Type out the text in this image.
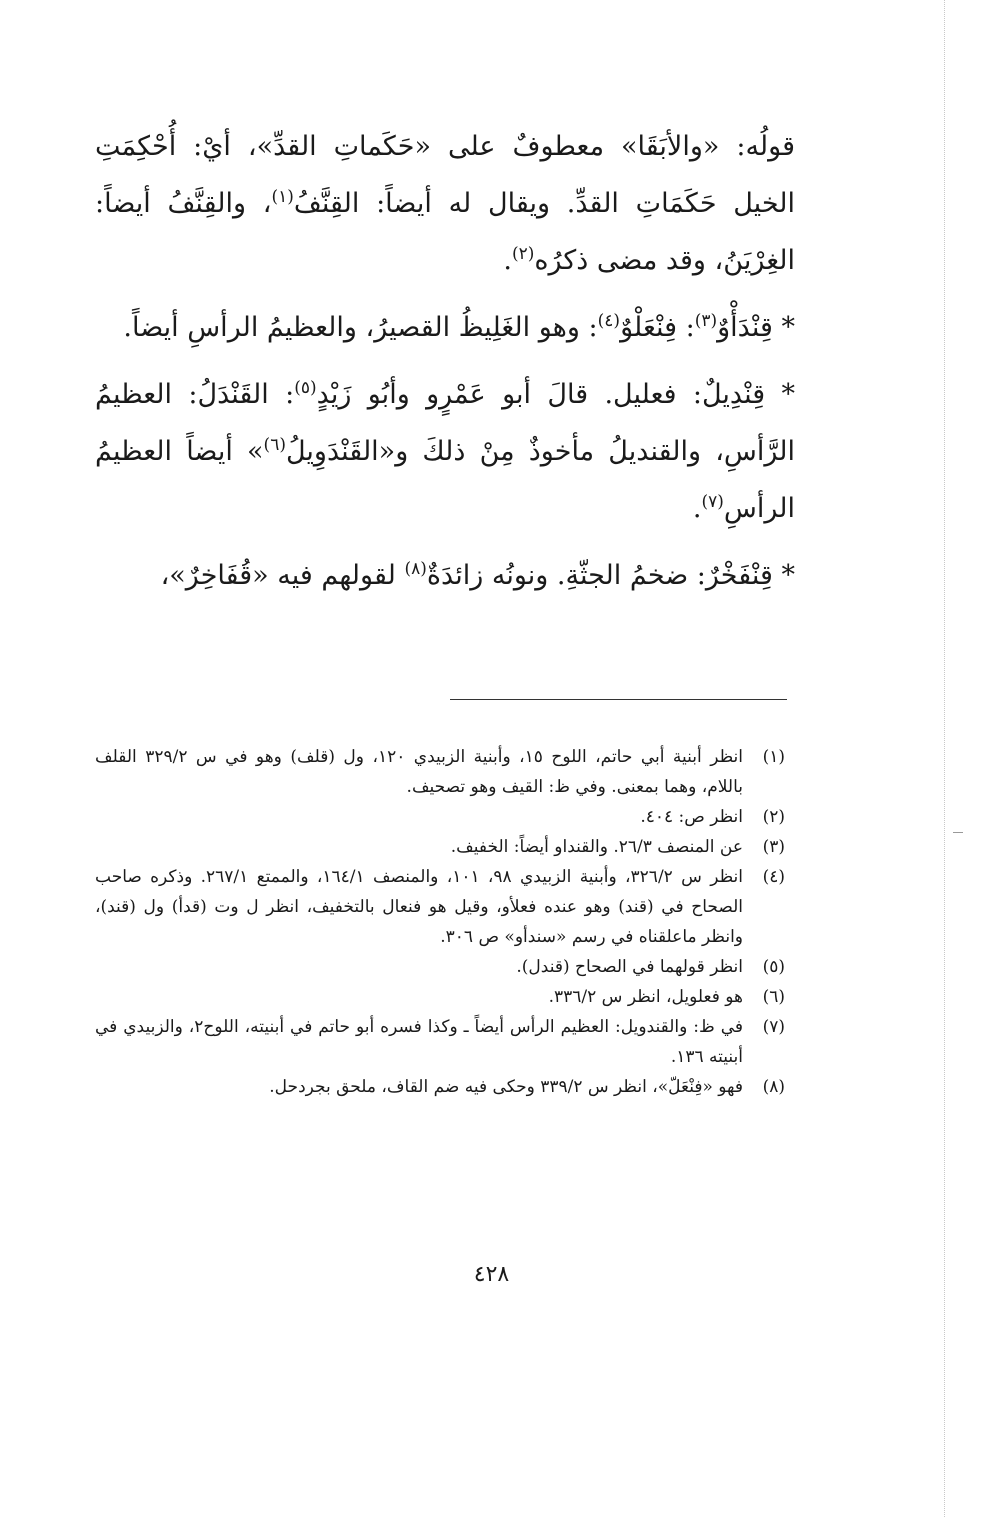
قولُه: «والأبَقَا» معطوفٌ على «حَكَماتِ القدِّ»، أيْ: أُحْكِمَتِ الخيل حَكَمَاتِ القدِّ. ويقال له أيضاً: القِنَّفُ$^{(١)}$، والقِنَّفُ أيضاً: الغِرْيَنُ، وقد مضى ذكرُه$^{(٢)}$.

* قِنْدَأْوٌ$^{(٣)}$: فِنْعَلْوٌ$^{(٤)}$: وهو الغَلِيظُ القصيرُ، والعظيمُ الرأسِ أيضاً.

* قِنْدِيلٌ: فعليل. قالَ أبو عَمْرٍو وأبُو زَيْدٍ$^{(٥)}$: القَنْدَلُ: العظيمُ الرَّأسِ، والقنديلُ مأخوذٌ مِنْ ذلكَ و«القَنْدَوِيلُ$^{(٦)}$» أيضاً العظيمُ الرأسِ$^{(٧)}$.

* قِنْفَخْرٌ: ضخمُ الجثّةِ. ونونُه زائدَةٌ$^{(٨)}$ لقولهم فيه «قُفَاخِرٌ»،

(١)
انظر أبنية أبي حاتم، اللوح ١٥، وأبنية الزبيدي ١٢٠، ول (قلف) وهو في س ٣٢٩/٢ القلف باللام، وهما بمعنى. وفي ظ: القيف وهو تصحيف.
(٢)
انظر ص: ٤٠٤.
(٣)
عن المنصف ٢٦/٣. والقنداو أيضاً: الخفيف.
(٤)
انظر س ٣٢٦/٢، وأبنية الزبيدي ٩٨، ١٠١، والمنصف ١٦٤/١، والممتع ٢٦٧/١. وذكره صاحب الصحاح في (قند) وهو عنده فعلأو، وقيل هو فنعال بالتخفيف، انظر ل وت (قدأ) ول (قند)، وانظر ماعلقناه في رسم «سندأو» ص ٣٠٦.
(٥)
انظر قولهما في الصحاح (قندل).
(٦)
هو فعلويل، انظر س ٣٣٦/٢.
(٧)
في ظ: والقندويل: العظيم الرأس أيضاً ـ وكذا فسره أبو حاتم في أبنيته، اللوح٢، والزبيدي في أبنيته ١٣٦.
(٨)
فهو «فِنْعَلّ»، انظر س ٣٣٩/٢ وحكى فيه ضم القاف، ملحق بجردحل.
٤٢٨
